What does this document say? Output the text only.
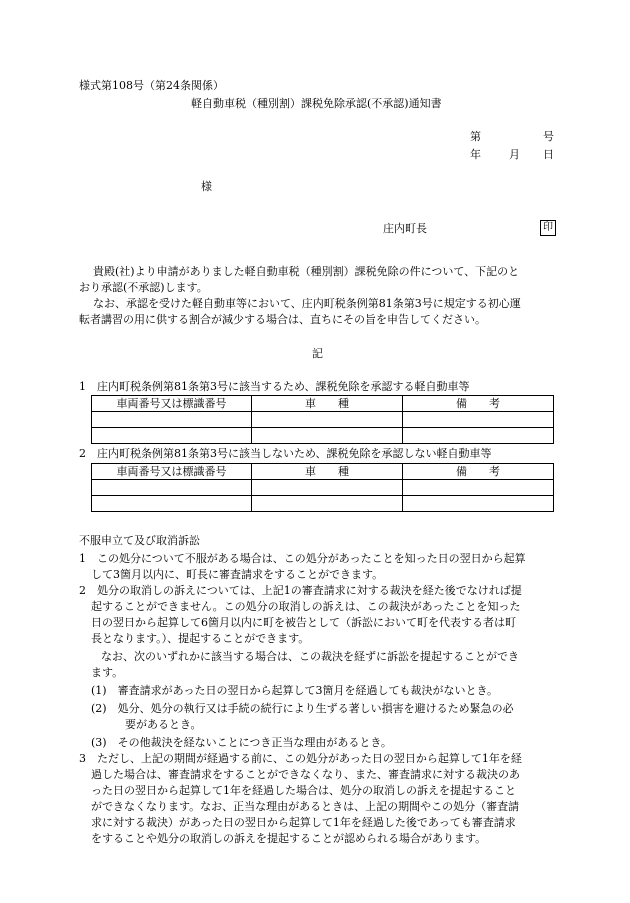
様式第108号（第24条関係）
軽自動車税（種別割）課税免除承認(不承認)通知書
第	号
年	月 日
様
庄内町長	印
貴殿(社)より申請がありました軽自動車税（種別割）課税免除の件について、下記のと
おり承認(不承認)します。
なお、承認を受けた軽自動車等において、庄内町税条例第81条第3号に規定する初心運
転者講習の用に供する割合が減少する場合は、直ちにその旨を申告してください。
記
1　庄内町税条例第81条第3号に該当するため、課税免除を承認する軽自動車等
車両番号又は標識番号	車　　種	備　　考

2　庄内町税条例第81条第3号に該当しないため、課税免除を承認しない軽自動車等
車両番号又は標識番号	車　　種	備　　考

不服申立て及び取消訴訟
1　この処分について不服がある場合は、この処分があったことを知った日の翌日から起算
して3箇月以内に、町長に審査請求をすることができます。
2　処分の取消しの訴えについては、上記1の審査請求に対する裁決を経た後でなければ提
起することができません。この処分の取消しの訴えは、この裁決があったことを知った
日の翌日から起算して6箇月以内に町を被告として（訴訟において町を代表する者は町
長となります。）、提起することができます。
なお、次のいずれかに該当する場合は、この裁決を経ずに訴訟を提起することができ
ます。
(1)　審査請求があった日の翌日から起算して3箇月を経過しても裁決がないとき。
(2)　処分、処分の執行又は手続の続行により生ずる著しい損害を避けるため緊急の必
要があるとき。
(3)　その他裁決を経ないことにつき正当な理由があるとき。
3　ただし、上記の期間が経過する前に、この処分があった日の翌日から起算して1年を経
過した場合は、審査請求をすることができなくなり、また、審査請求に対する裁決のあ
った日の翌日から起算して1年を経過した場合は、処分の取消しの訴えを提起すること
ができなくなります。なお、正当な理由があるときは、上記の期間やこの処分（審査請
求に対する裁決）があった日の翌日から起算して1年を経過した後であっても審査請求
をすることや処分の取消しの訴えを提起することが認められる場合があります。
